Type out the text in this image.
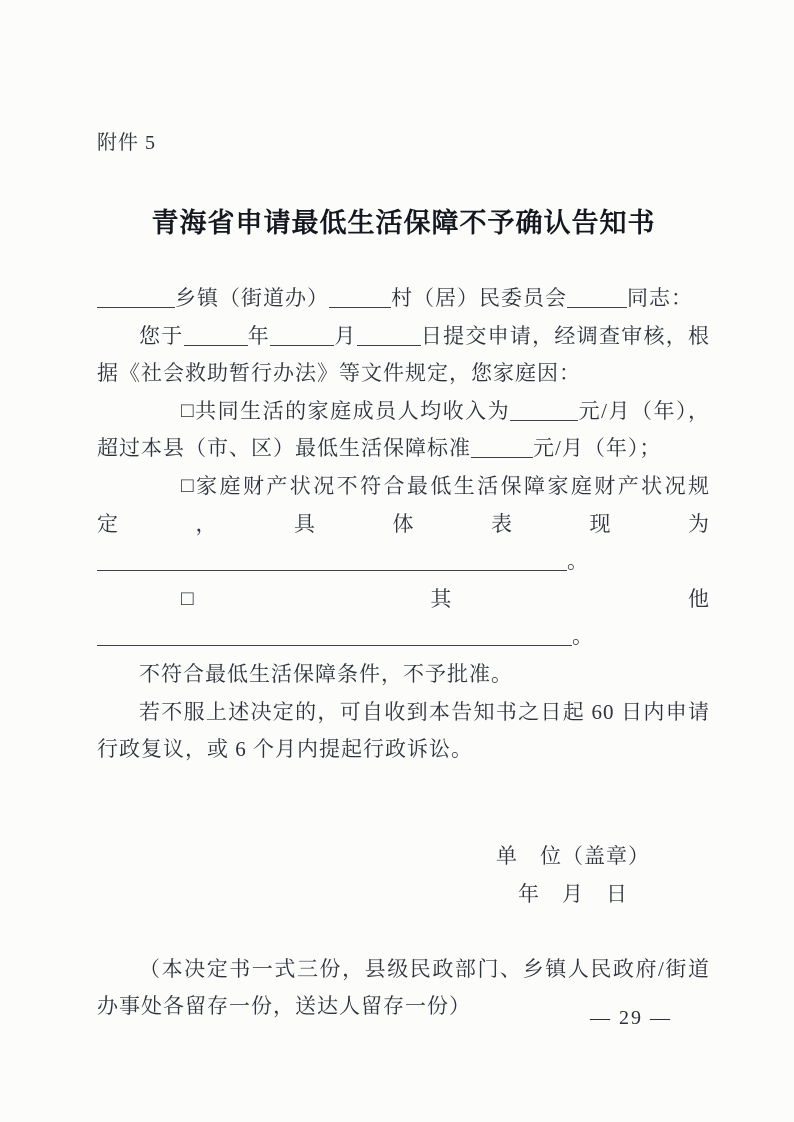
附件 5
青海省申请最低生活保障不予确认告知书

乡镇（街道办）	村（居）民委员会	同志：

您于	年	月	日提交申请，经调查审核，根据《社会救助暂行办法》等文件规定，您家庭因：

□共同生活的家庭成员人均收入为	元/月（年），超过本县（市、区）最低生活保障标准	元/月（年）；

□家庭财产状况不符合最低生活保障家庭财产状况规定，具体表现为。

□其他。

不符合最低生活保障条件，不予批准。

若不服上述决定的，可自收到本告知书之日起 60 日内申请行政复议，或 6 个月内提起行政诉讼。

单　位（盖章）
年　月　日

（本决定书一式三份，县级民政部门、乡镇人民政府/街道办事处各留存一份，送达人留存一份）	— 29 —
